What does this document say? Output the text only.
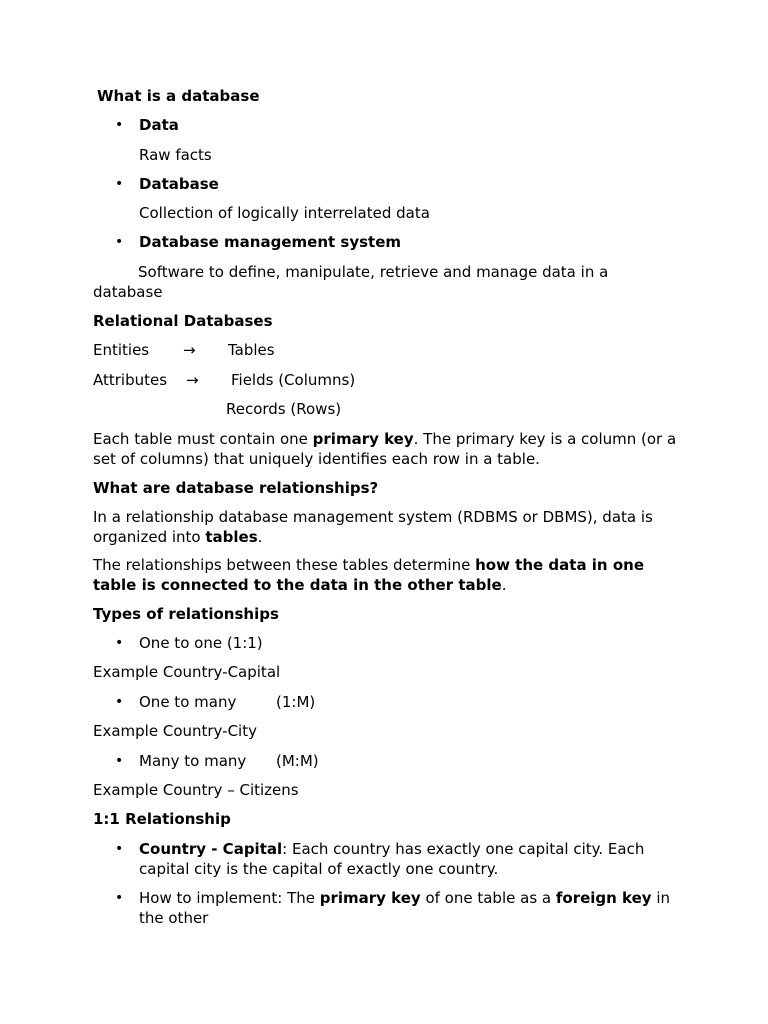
What is a database
• Data
Raw facts
• Database
Collection of logically interrelated data
• Database management system
Software to define, manipulate, retrieve and manage data in a
database
Relational Databases
Entities → Tables
Attributes → Fields (Columns)
Records (Rows)
Each table must contain one primary key. The primary key is a column (or a set of columns) that uniquely identifies each row in a table.
What are database relationships?
In a relationship database management system (RDBMS or DBMS), data is organized into tables.
The relationships between these tables determine how the data in one table is connected to the data in the other table.
Types of relationships
• One to one (1:1)
Example Country-Capital
• One to many	(1:M)
Example Country-City
• Many to many (M:M)
Example Country – Citizens
1:1 Relationship
• Country - Capital: Each country has exactly one capital city. Each capital city is the capital of exactly one country.
• How to implement: The primary key of one table as a foreign key in the other
